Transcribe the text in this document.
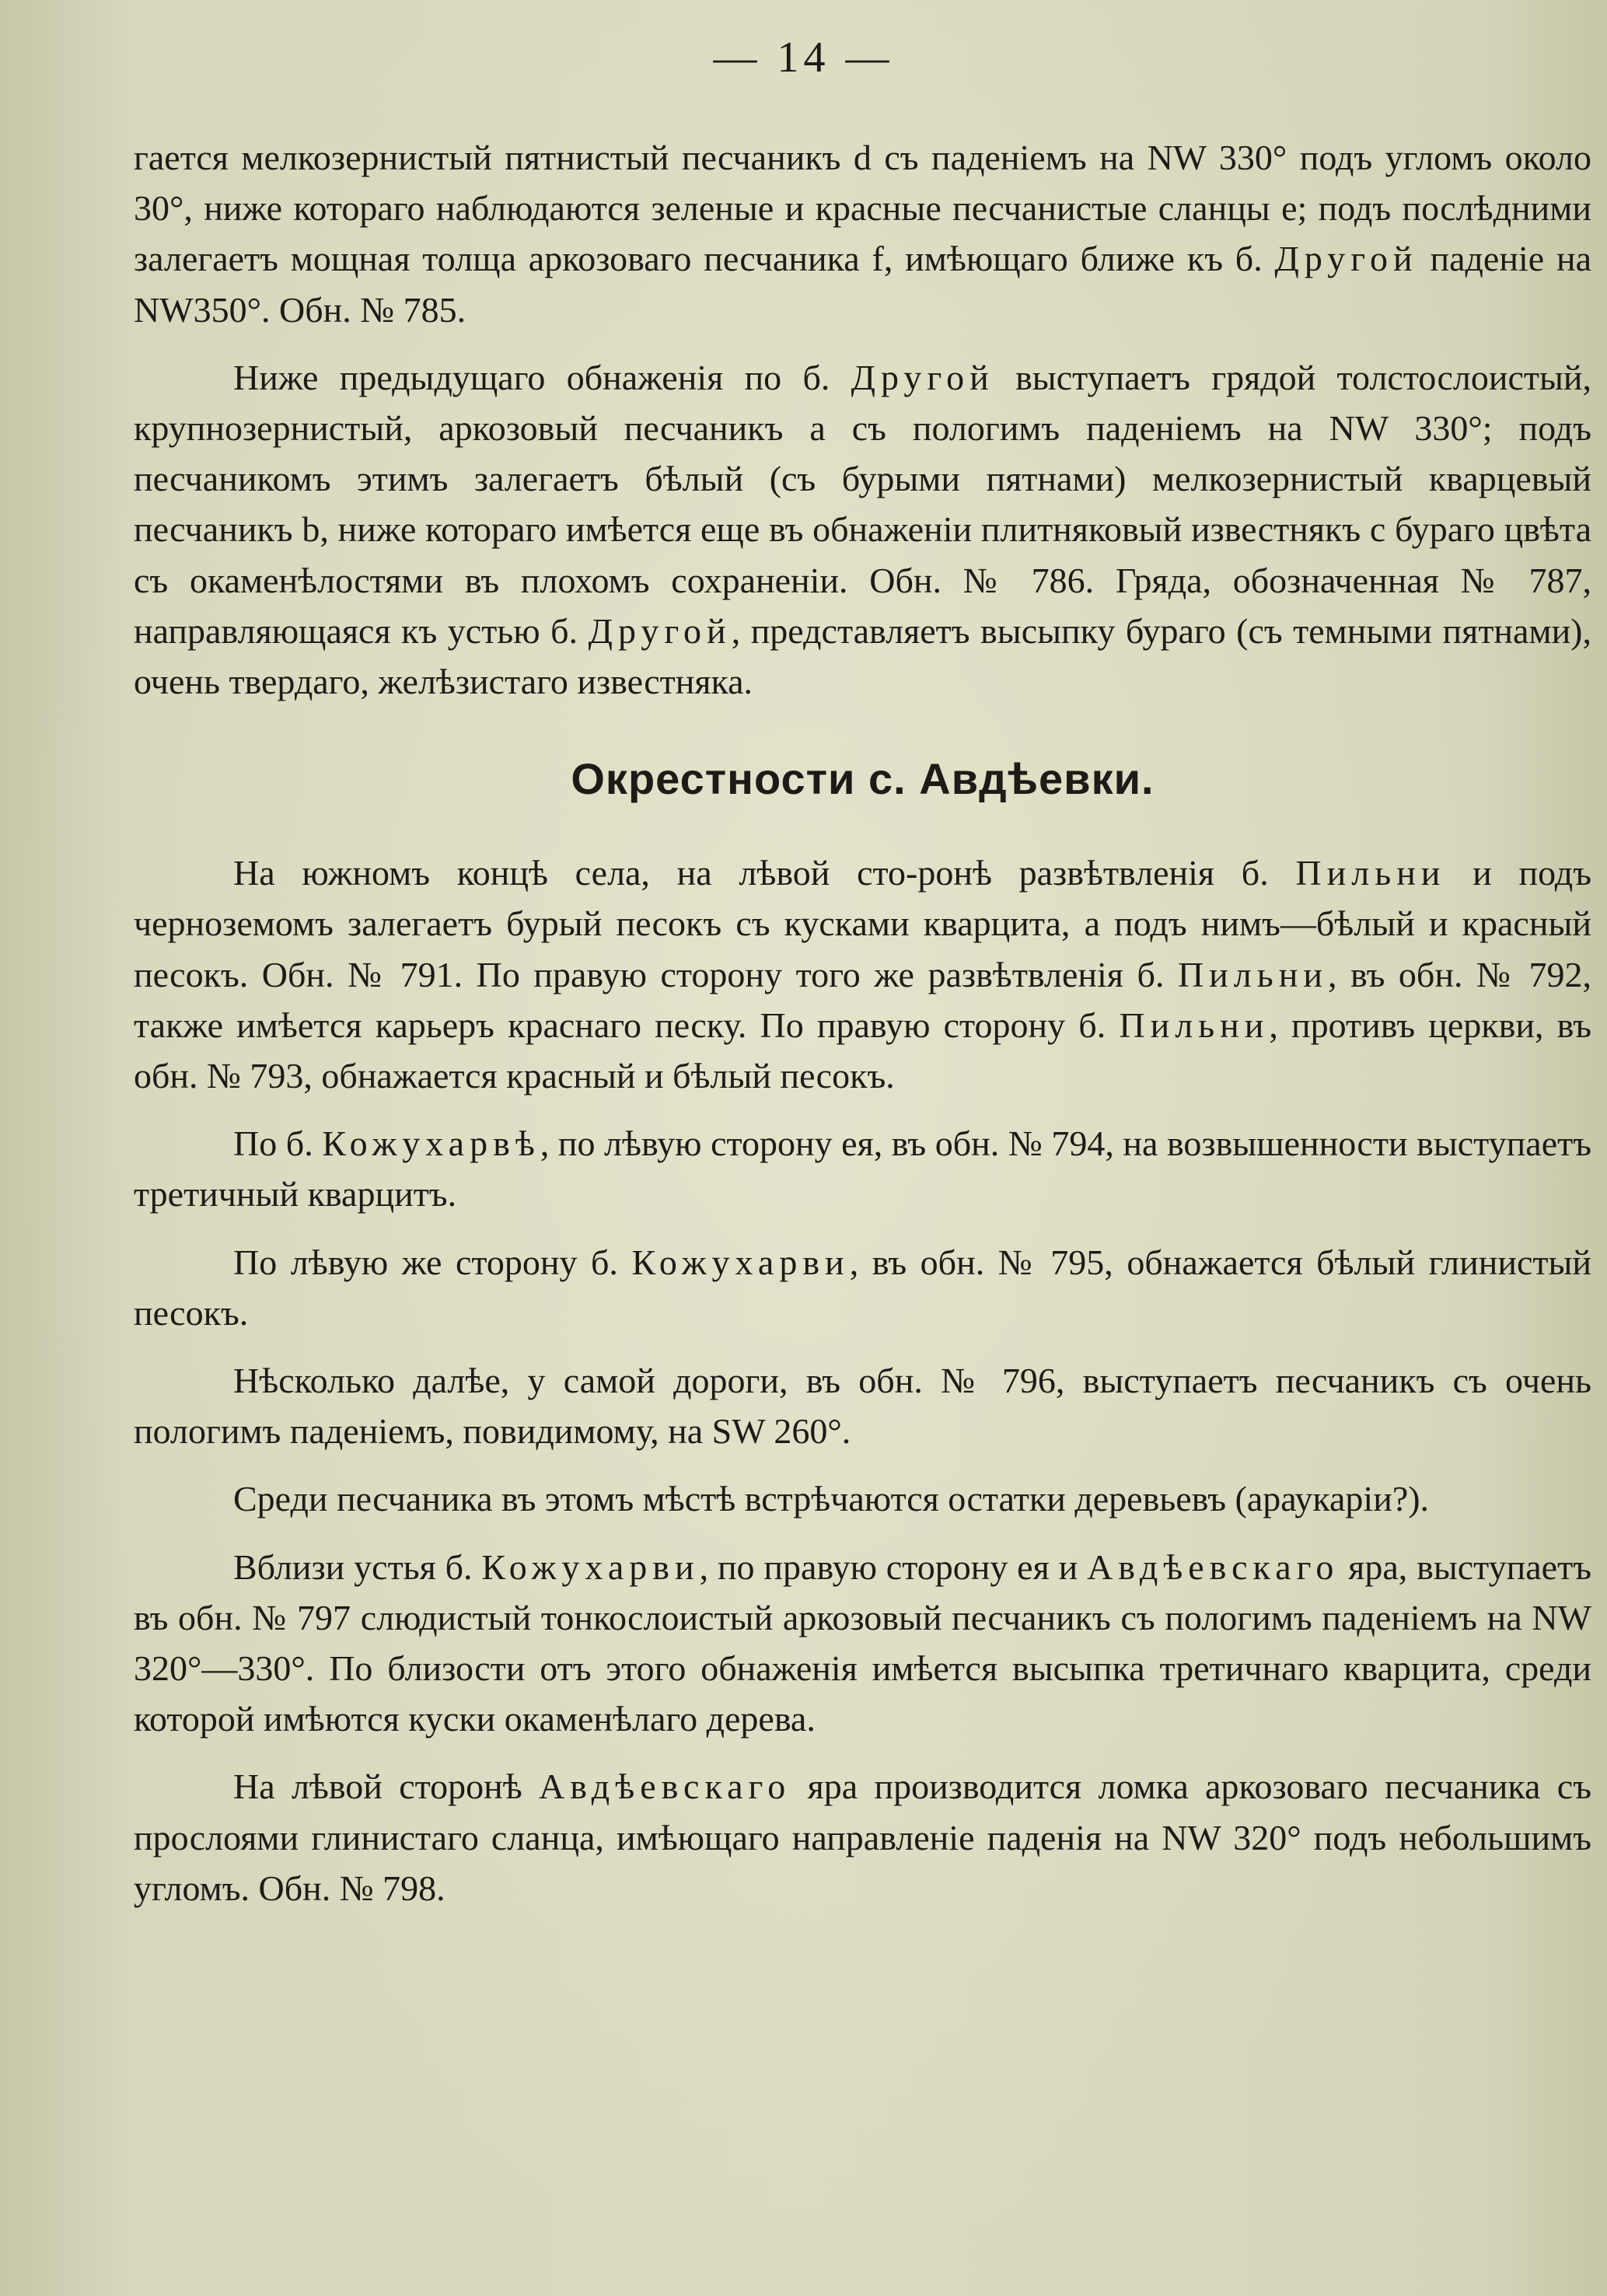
— 14 —

гается мелкозернистый пятнистый песчаникъ d съ паденіемъ на NW 330° подъ угломъ около 30°, ниже котораго наблюдаются зеленые и красные песчанистые сланцы e; подъ послѣдними залегаетъ мощная толща аркозоваго песчаника f, имѣющаго ближе къ б. Другой паденіе на NW350°. Обн. № 785.

Ниже предыдущаго обнаженія по б. Другой выступаетъ грядой толстослоистый, крупнозернистый, аркозовый песчаникъ a съ пологимъ паденіемъ на NW 330°; подъ песчаникомъ этимъ залегаетъ бѣлый (съ бурыми пятнами) мелкозернистый кварцевый песчаникъ b, ниже котораго имѣется еще въ обнаженіи плитняковый известнякъ с бураго цвѣта съ окаменѣлостями въ плохомъ сохраненіи. Обн. № 786. Гряда, обозначенная № 787, направляющаяся къ устью б. Другой, представляетъ высыпку бураго (съ темными пятнами), очень твердаго, желѣзистаго известняка.

Окрестности с. Авдѣевки.

На южномъ концѣ села, на лѣвой сто-ронѣ развѣтвленія б. Пильни и подъ черноземомъ залегаетъ бурый песокъ съ кусками кварцита, а подъ нимъ—бѣлый и красный песокъ. Обн. № 791. По правую сторону того же развѣтвленія б. Пильни, въ обн. № 792, также имѣется карьеръ краснаго песку. По правую сторону б. Пильни, противъ церкви, въ обн. № 793, обнажается красный и бѣлый песокъ.

По б. Кожухарвѣ, по лѣвую сторону ея, въ обн. № 794, на возвышенности выступаетъ третичный кварцитъ.

По лѣвую же сторону б. Кожухарви, въ обн. № 795, обнажается бѣлый глинистый песокъ.

Нѣсколько далѣе, у самой дороги, въ обн. № 796, выступаетъ песчаникъ съ очень пологимъ паденіемъ, повидимому, на SW 260°.

Среди песчаника въ этомъ мѣстѣ встрѣчаются остатки деревьевъ (араукаріи?).

Вблизи устья б. Кожухарви, по правую сторону ея и Авдѣевскаго яра, выступаетъ въ обн. № 797 слюдистый тонкослоистый аркозовый песчаникъ съ пологимъ паденіемъ на NW 320°—330°. По близости отъ этого обнаженія имѣется высыпка третичнаго кварцита, среди которой имѣются куски окаменѣлаго дерева.

На лѣвой сторонѣ Авдѣевскаго яра производится ломка аркозоваго песчаника съ прослоями глинистаго сланца, имѣющаго направленіе паденія на NW 320° подъ небольшимъ угломъ. Обн. № 798.
